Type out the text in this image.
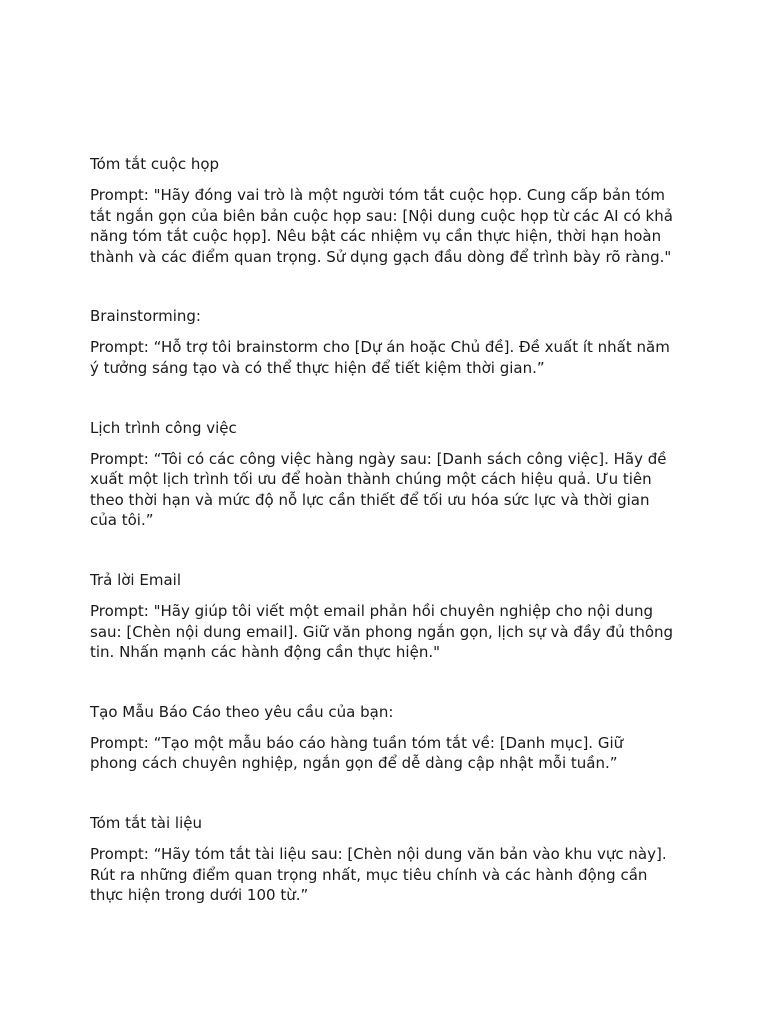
Tóm tắt cuộc họp

Prompt: "Hãy đóng vai trò là một người tóm tắt cuộc họp. Cung cấp bản tóm
tắt ngắn gọn của biên bản cuộc họp sau: [Nội dung cuộc họp từ các AI có khả
năng tóm tắt cuộc họp]. Nêu bật các nhiệm vụ cần thực hiện, thời hạn hoàn
thành và các điểm quan trọng. Sử dụng gạch đầu dòng để trình bày rõ ràng."

Brainstorming:

Prompt: “Hỗ trợ tôi brainstorm cho [Dự án hoặc Chủ đề]. Đề xuất ít nhất năm
ý tưởng sáng tạo và có thể thực hiện để tiết kiệm thời gian.”

Lịch trình công việc

Prompt: “Tôi có các công việc hàng ngày sau: [Danh sách công việc]. Hãy đề
xuất một lịch trình tối ưu để hoàn thành chúng một cách hiệu quả. Ưu tiên
theo thời hạn và mức độ nỗ lực cần thiết để tối ưu hóa sức lực và thời gian
của tôi.”

Trả lời Email

Prompt: "Hãy giúp tôi viết một email phản hồi chuyên nghiệp cho nội dung
sau: [Chèn nội dung email]. Giữ văn phong ngắn gọn, lịch sự và đầy đủ thông
tin. Nhấn mạnh các hành động cần thực hiện."

Tạo Mẫu Báo Cáo theo yêu cầu của bạn:

Prompt: “Tạo một mẫu báo cáo hàng tuần tóm tắt về: [Danh mục]. Giữ
phong cách chuyên nghiệp, ngắn gọn để dễ dàng cập nhật mỗi tuần.”

Tóm tắt tài liệu

Prompt: “Hãy tóm tắt tài liệu sau: [Chèn nội dung văn bản vào khu vực này].
Rút ra những điểm quan trọng nhất, mục tiêu chính và các hành động cần
thực hiện trong dưới 100 từ.”
